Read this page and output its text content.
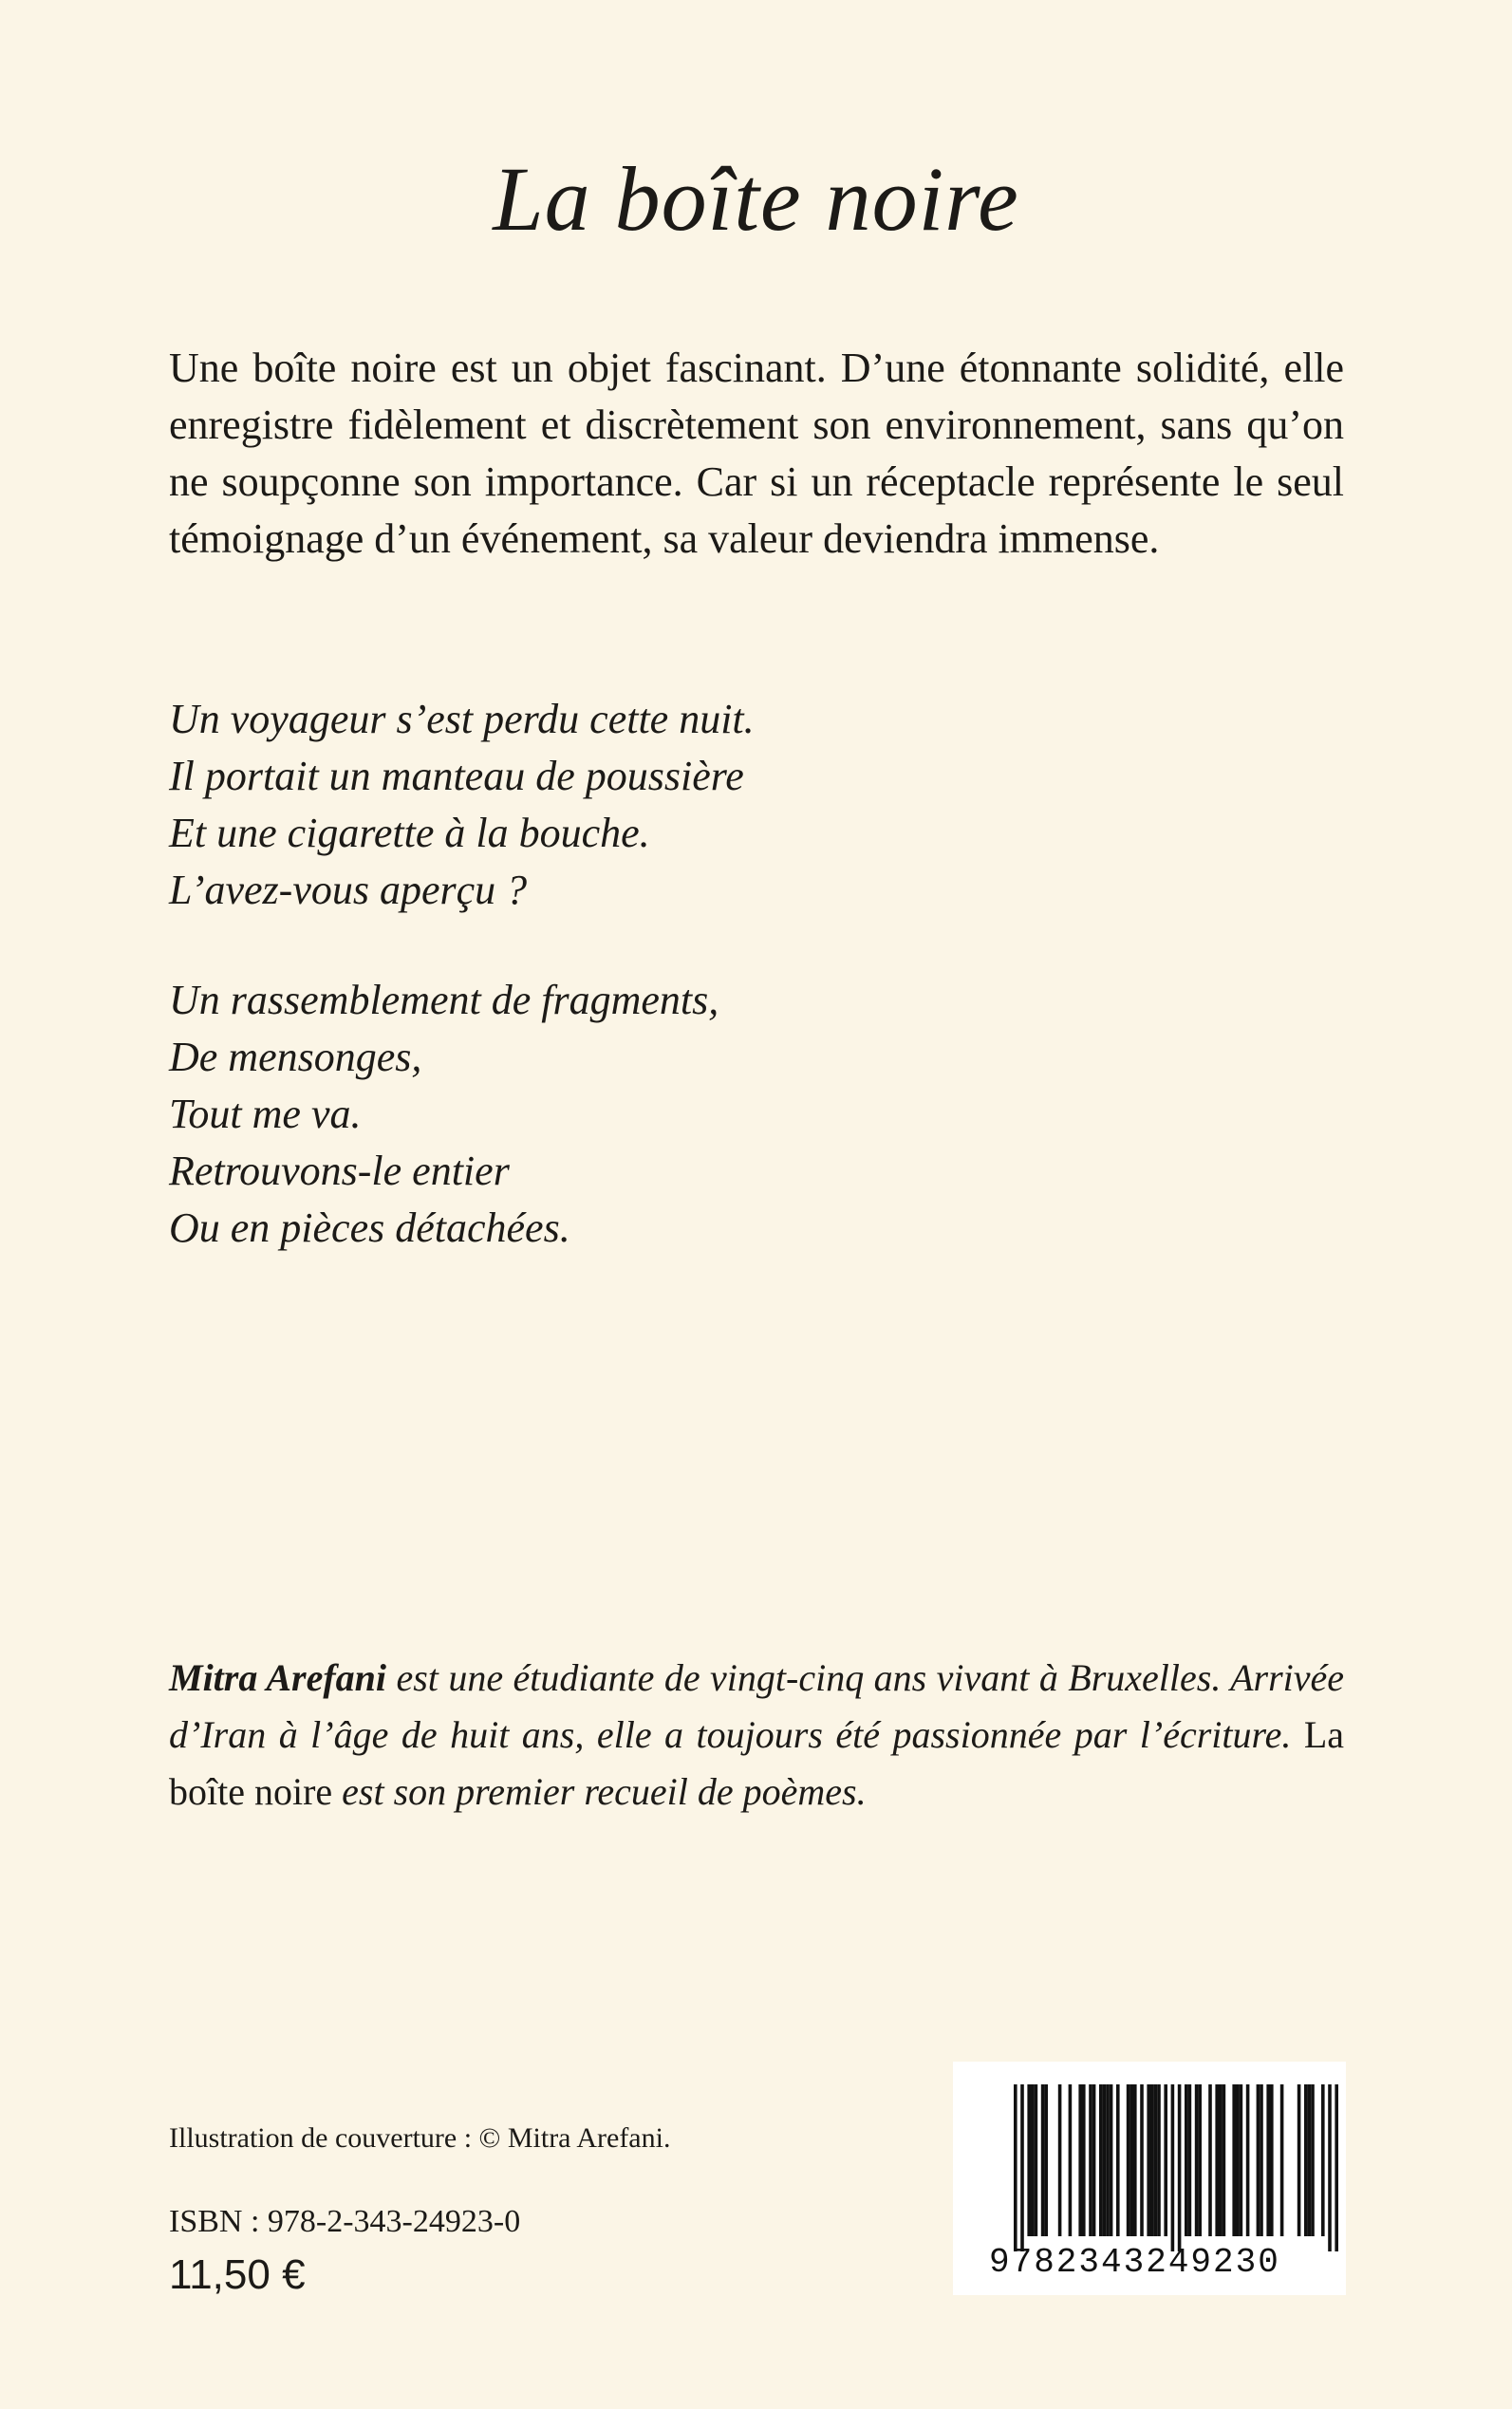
La boîte noire

Une boîte noire est un objet fascinant. D’une étonnante solidité, elle enregistre fidèlement et discrètement son environnement, sans qu’on ne soupçonne son importance. Car si un réceptacle représente le seul témoignage d’un événement, sa valeur deviendra immense.

Un voyageur s’est perdu cette nuit.
Il portait un manteau de poussière
Et une cigarette à la bouche.
L’avez-vous aperçu ?
Un rassemblement de fragments,
De mensonges,
Tout me va.
Retrouvons-le entier
Ou en pièces détachées.

Mitra Arefani est une étudiante de vingt-cinq ans vivant à Bruxelles. Arrivée d’Iran à l’âge de huit ans, elle a toujours été passionnée par l’écriture. La boîte noire est son premier recueil de poèmes.

Illustration de couverture : © Mitra Arefani.

ISBN : 978-2-343-24923-0

11,50 €	9782343249230
